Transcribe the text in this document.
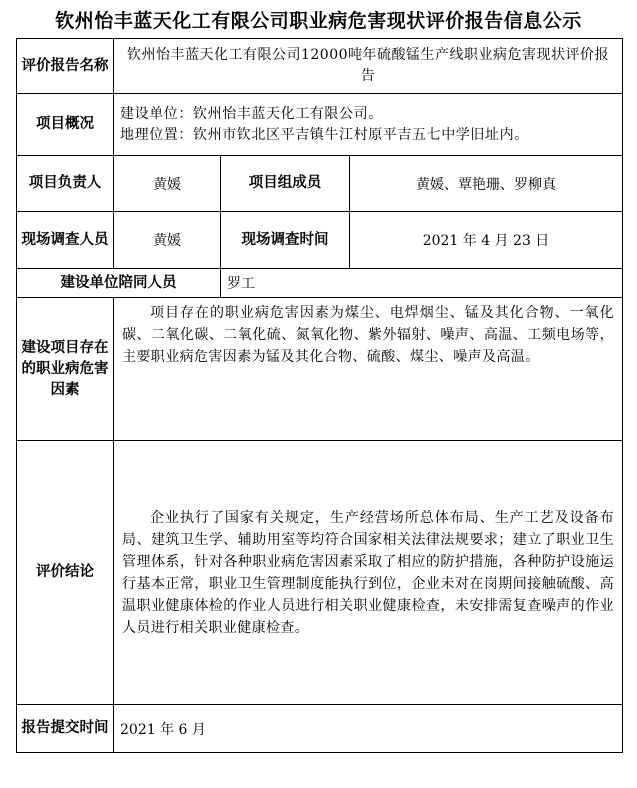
钦州怡丰蓝天化工有限公司职业病危害现状评价报告信息公示
评价报告名称	钦州怡丰蓝天化工有限公司12000吨年硫酸锰生产线职业病危害现状评价报告		
项目概况	建设单位：钦州怡丰蓝天化工有限公司。
地理位置：钦州市钦北区平吉镇牛江村原平吉五七中学旧址内。		

项目负责人	黄媛	项目组成员	黄媛、覃艳珊、罗柳真
现场调查人员	黄媛	现场调查时间	2021 年 4 月 23 日
建设单位陪同人员		罗工	
建设项目存在的职业病危害因素	项目存在的职业病危害因素为煤尘、电焊烟尘、锰及其化合物、一氧化碳、二氧化碳、二氧化硫、氮氧化物、紫外辐射、噪声、高温、工频电场等，主要职业病危害因素为锰及其化合物、硫酸、煤尘、噪声及高温。		
评价结论	企业执行了国家有关规定，生产经营场所总体布局、生产工艺及设备布局、建筑卫生学、辅助用室等均符合国家相关法律法规要求；建立了职业卫生管理体系，针对各种职业病危害因素采取了相应的防护措施，各种防护设施运行基本正常，职业卫生管理制度能执行到位，企业未对在岗期间接触硫酸、高温职业健康体检的作业人员进行相关职业健康检查，未安排需复查噪声的作业人员进行相关职业健康检查。		
报告提交时间	2021 年 6 月		
